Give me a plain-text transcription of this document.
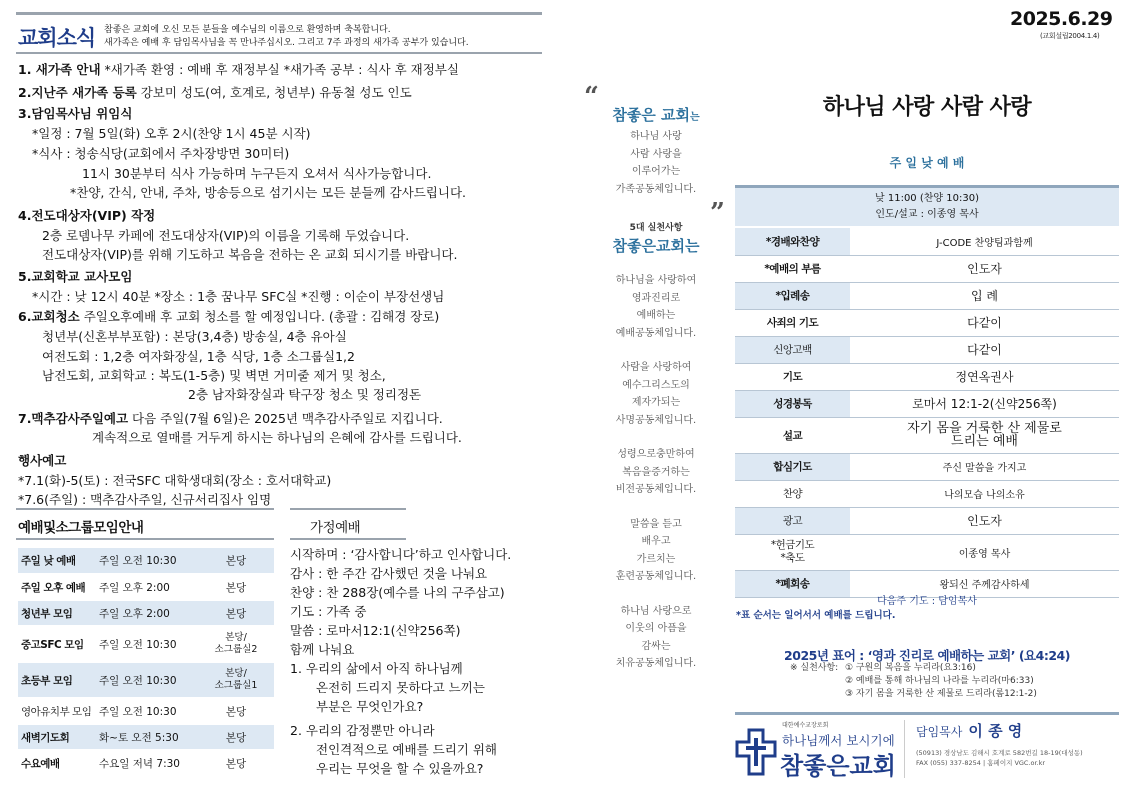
교회소식 참좋은 교회에 오신 모든 분들을 예수님의 이름으로 환영하며 축복합니다.
새가족은 예배 후 담임목사님을 꼭 만나주십시오. 그리고 7주 과정의 새가족 공부가 있습니다.
1. 새가족 안내 *새가족 환영 : 예배 후 재정부실 *새가족 공부 : 식사 후 재정부실
2.지난주 새가족 등록 강보미 성도(여, 호계로, 청년부) 유동철 성도 인도
3.담임목사님 위임식
*일정 : 7월 5일(화) 오후 2시(찬양 1시 45분 시작)
*식사 : 청송식당(교회에서 주차장방면 30미터)
11시 30분부터 식사 가능하며 누구든지 오셔서 식사가능합니다.
*찬양, 간식, 안내, 주차, 방송등으로 섬기시는 모든 분들께 감사드립니다.
4.전도대상자(VIP) 작정
2층 로뎀나무 카페에 전도대상자(VIP)의 이름을 기록해 두었습니다.
전도대상자(VIP)를 위해 기도하고 복음을 전하는 온 교회 되시기를 바랍니다.
5.교회학교 교사모임
*시간 : 낮 12시 40분 *장소 : 1층 꿈나무 SFC실 *진행 : 이순이 부장선생님
6.교회청소 주일오후예배 후 교회 청소를 할 예정입니다. (총괄 : 김해경 장로)
청년부(신혼부부포함) : 본당(3,4층) 방송실, 4층 유아실
여전도회 : 1,2층 여자화장실, 1층 식당, 1층 소그룹실1,2
남전도회, 교회학교 : 복도(1-5층) 및 벽면 거미줄 제거 및 청소,
2층 남자화장실과 탁구장 청소 및 정리정돈
7.맥추감사주일예고 다음 주일(7월 6일)은 2025년 맥추감사주일로 지킵니다.
계속적으로 열매를 거두게 하시는 하나님의 은혜에 감사를 드립니다.
행사예고
*7.1(화)-5(토) : 전국SFC 대학생대회(장소 : 호서대학교)
*7.6(주일) : 맥추감사주일, 신규서리집사 임명
예배및소그룹모임안내
주일 낮 예배	주일 오전 10:30	본당
주일 오후 예배	주일 오후 2:00	본당
청년부 모임	주일 오후 2:00	본당
중고SFC 모임	주일 오전 10:30	본당/
소그룹실2

초등부 모임	주일 오전 10:30	본당/
소그룹실1

영아유치부 모임	주일 오전 10:30	본당
새벽기도회	화~토 오전 5:30	본당
수요예배	수요일 저녁 7:30	본당
가정예배
시작하며 : ‘감사합니다’하고 인사합니다.
감사 : 한 주간 감사했던 것을 나눠요
찬양 : 찬 288장(예수를 나의 구주삼고)
기도 : 가족 중
말씀 : 로마서12:1(신약256쪽)
함께 나눠요
1. 우리의 삶에서 아직 하나님께
온전히 드리지 못하다고 느끼는
부분은 무엇인가요?
2. 우리의 감정뿐만 아니라
전인격적으로 예배를 드리기 위해
우리는 무엇을 할 수 있을까요?
“
”
참좋은 교회는
하나님 사랑
사람 사랑을
이루어가는
가족공동체입니다.
5대 실천사항
참좋은교회는
하나님을 사랑하여
영과진리로
예배하는
예배공동체입니다.
사람을 사랑하여
예수그리스도의
제자가되는
사명공동체입니다.
성령으로충만하여
복음을증거하는
비전공동체입니다.
말씀을 듣고
배우고
가르치는
훈련공동체입니다.
하나님 사랑으로
이웃의 아픔을
감싸는
치유공동체입니다.
2025.6.29
(교회설립2004.1.4)
하나님 사랑 사람 사랑
주 일 낮 예 배
낮 11:00 (찬양 10:30)
인도/설교 : 이종영 목사
*경배와찬양	J-CODE 찬양팀과함께
*예배의 부름	인도자
*입례송	입 례
사죄의 기도	다같이
신앙고백	다같이
기도	정연옥권사
성경봉독	로마서 12:1-2(신약256쪽)
설교	자기 몸을 거룩한 산 제물로
드리는 예배

합심기도	주신 말씀을 가지고
찬양	나의모습 나의소유
광고	인도자

*헌금기도
*축도	이종영 목사
*폐회송	왕되신 주께감사하세
다음주 기도 : 담임목사
*표 순서는 일어서서 예배를 드립니다.
2025년 표어 : ‘영과 진리로 예배하는 교회’ (요4:24)
※ 실천사항: ① 구원의 복음을 누리라(요3:16)
② 예배를 통해 하나님의 나라를 누리라(마6:33)
③ 자기 몸을 거룩한 산 제물로 드리라(롬12:1-2)
대한예수교장로회
하나님께서 보시기에
참좋은교회
담임목사 이 종 영
(50913) 경상남도 김해시 호계로 582번길 18-19(대성동)
FAX (055) 337-8254 | 홈페이지 VGC.or.kr
